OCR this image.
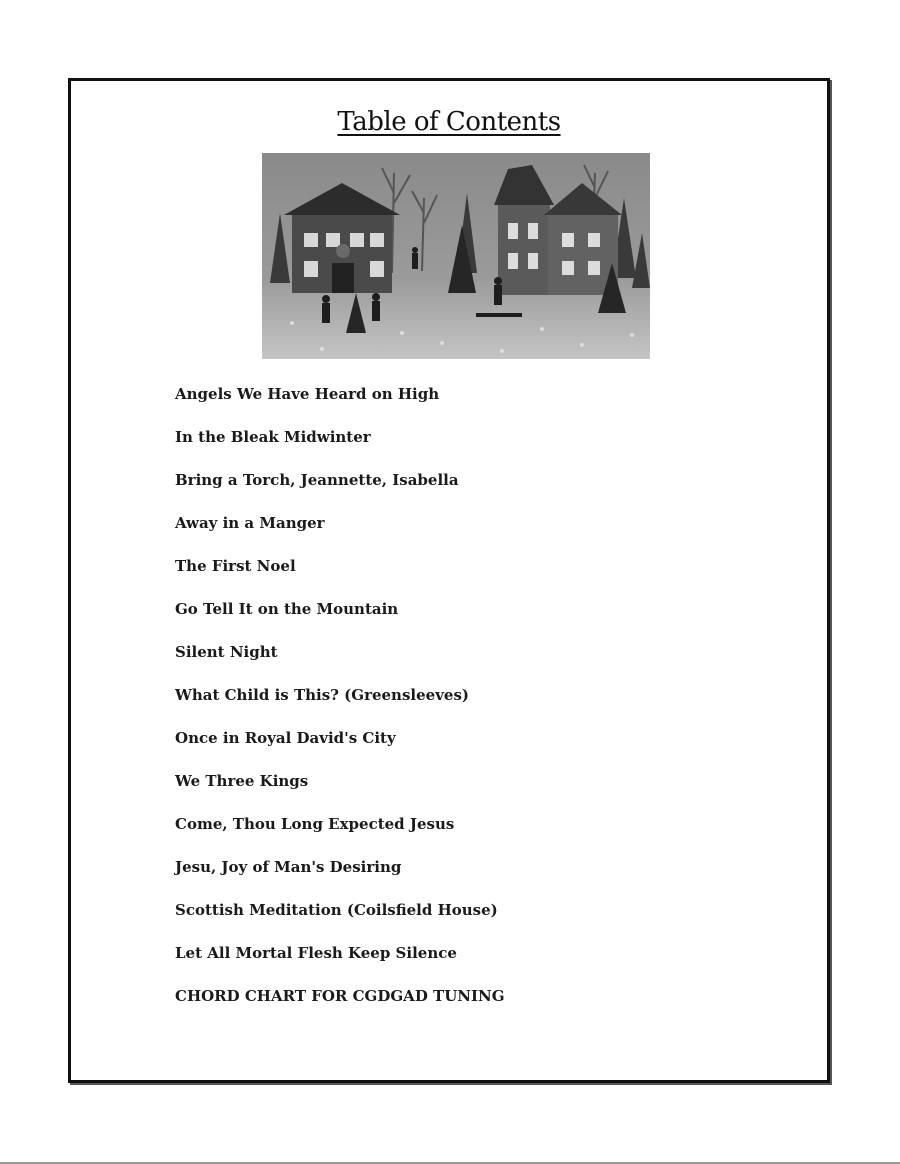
Table of Contents
Angels We Have Heard on High
In the Bleak Midwinter
Bring a Torch, Jeannette, Isabella
Away in a Manger
The First Noel
Go Tell It on the Mountain
Silent Night
What Child is This? (Greensleeves)
Once in Royal David's City
We Three Kings
Come, Thou Long Expected Jesus
Jesu, Joy of Man's Desiring
Scottish Meditation (Coilsfield House)
Let All Mortal Flesh Keep Silence
CHORD CHART FOR CGDGAD TUNING
